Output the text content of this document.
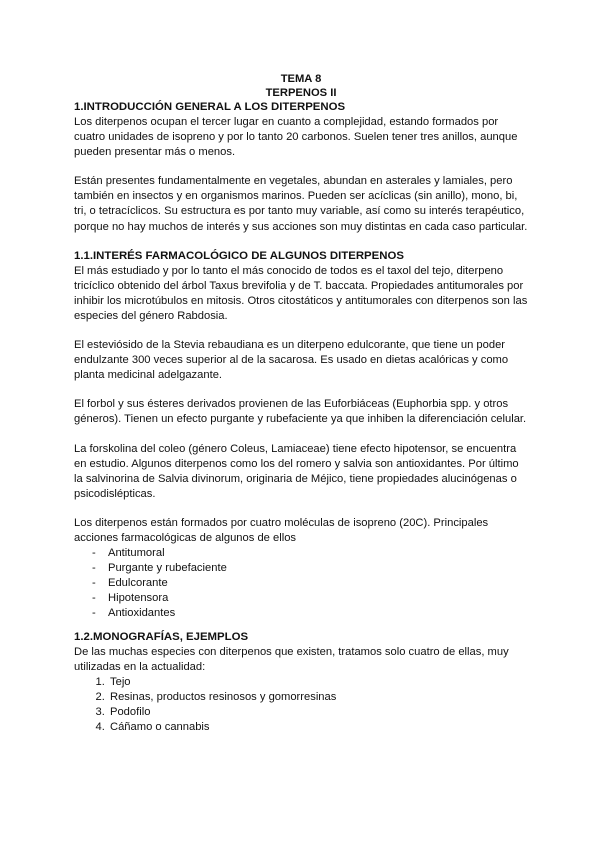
TEMA 8
TERPENOS II
1.INTRODUCCIÓN GENERAL A LOS DITERPENOS

Los diterpenos ocupan el tercer lugar en cuanto a complejidad, estando formados por cuatro unidades de isopreno y por lo tanto 20 carbonos. Suelen tener tres anillos, aunque pueden presentar más o menos.

Están presentes fundamentalmente en vegetales, abundan en asterales y lamiales, pero también en insectos y en organismos marinos. Pueden ser acíclicas (sin anillo), mono, bi, tri, o tetracíclicos. Su estructura es por tanto muy variable, así como su interés terapéutico, porque no hay muchos de interés y sus acciones son muy distintas en cada caso particular.

1.1.INTERÉS FARMACOLÓGICO DE ALGUNOS DITERPENOS

El más estudiado y por lo tanto el más conocido de todos es el taxol del tejo, diterpeno tricíclico obtenido del árbol Taxus brevifolia y de T. baccata. Propiedades antitumorales por inhibir los microtúbulos en mitosis. Otros citostáticos y antitumorales con diterpenos son las especies del género Rabdosia.

El esteviósido de la Stevia rebaudiana es un diterpeno edulcorante, que tiene un poder endulzante 300 veces superior al de la sacarosa. Es usado en dietas acalóricas y como planta medicinal adelgazante.

El forbol y sus ésteres derivados provienen de las Euforbiáceas (Euphorbia spp. y otros géneros). Tienen un efecto purgante y rubefaciente ya que inhiben la diferenciación celular.

La forskolina del coleo (género Coleus, Lamiaceae) tiene efecto hipotensor, se encuentra en estudio. Algunos diterpenos como los del romero y salvia son antioxidantes. Por último la salvinorina de Salvia divinorum, originaria de Méjico, tiene propiedades alucinógenas o psicodislépticas.

Los diterpenos están formados por cuatro moléculas de isopreno (20C). Principales acciones farmacológicas de algunos de ellos

- Antitumoral
- Purgante y rubefaciente
- Edulcorante
- Hipotensora
- Antioxidantes
1.2.MONOGRAFÍAS, EJEMPLOS

De las muchas especies con diterpenos que existen, tratamos solo cuatro de ellas, muy utilizadas en la actualidad:

1. Tejo
2. Resinas, productos resinosos y gomorresinas
3. Podofilo
4. Cáñamo o cannabis
